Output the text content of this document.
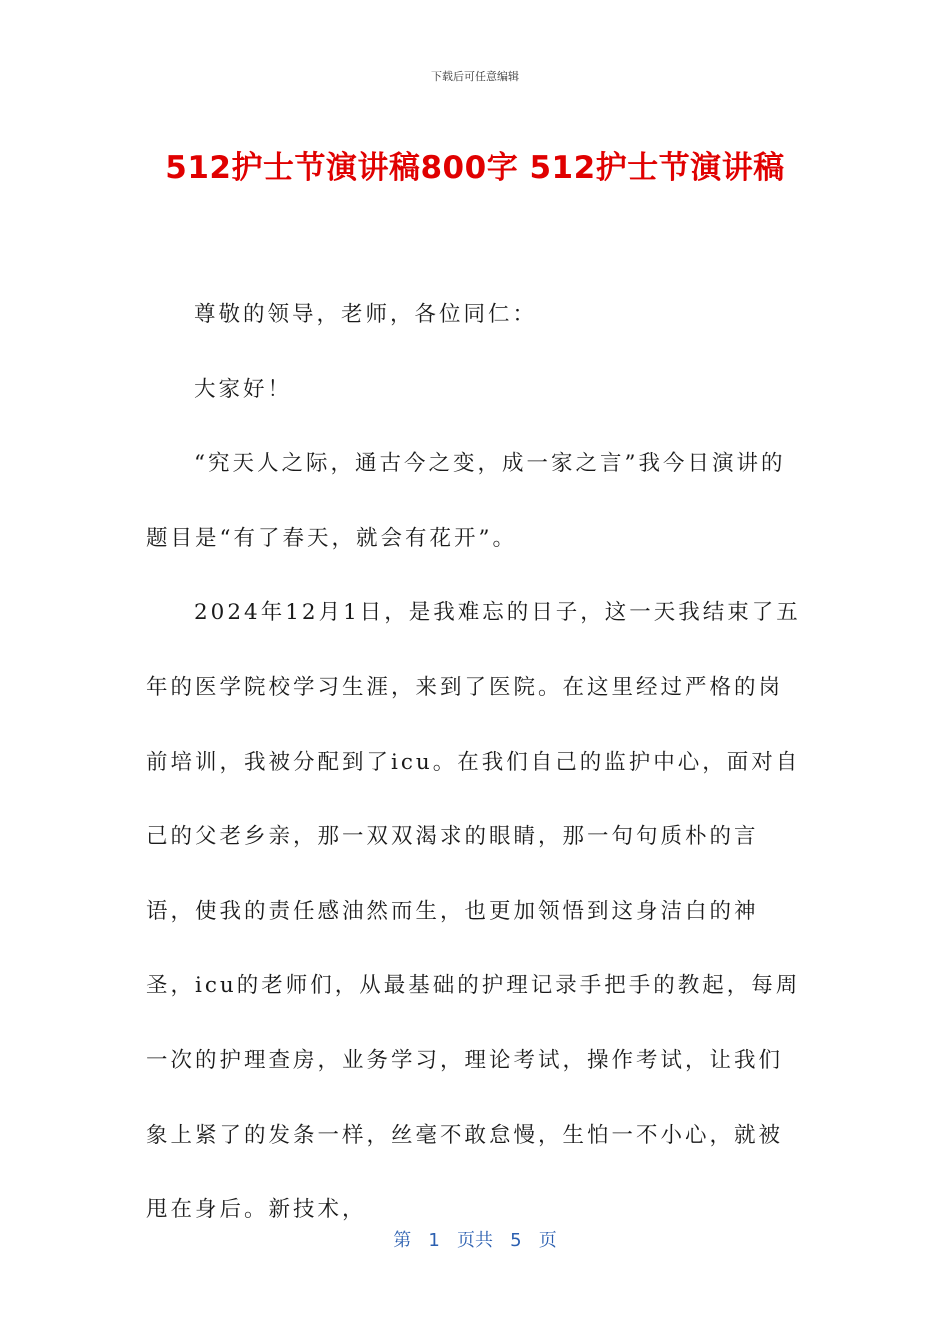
下载后可任意编辑
512护士节演讲稿800字 512护士节演讲稿

尊敬的领导，老师，各位同仁：

大家好！

“究天人之际，通古今之变，成一家之言”我今日演讲的题目是“有了春天，就会有花开”。

2024年12月1日，是我难忘的日子，这一天我结束了五年的医学院校学习生涯，来到了医院。在这里经过严格的岗前培训，我被分配到了icu。在我们自己的监护中心，面对自己的父老乡亲，那一双双渴求的眼睛，那一句句质朴的言语，使我的责任感油然而生，也更加领悟到这身洁白的神圣，icu的老师们，从最基础的护理记录手把手的教起，每周一次的护理查房，业务学习，理论考试，操作考试，让我们象上紧了的发条一样，丝毫不敢怠慢，生怕一不小心，就被甩在身后。新技术，

第 1 页共 5 页
